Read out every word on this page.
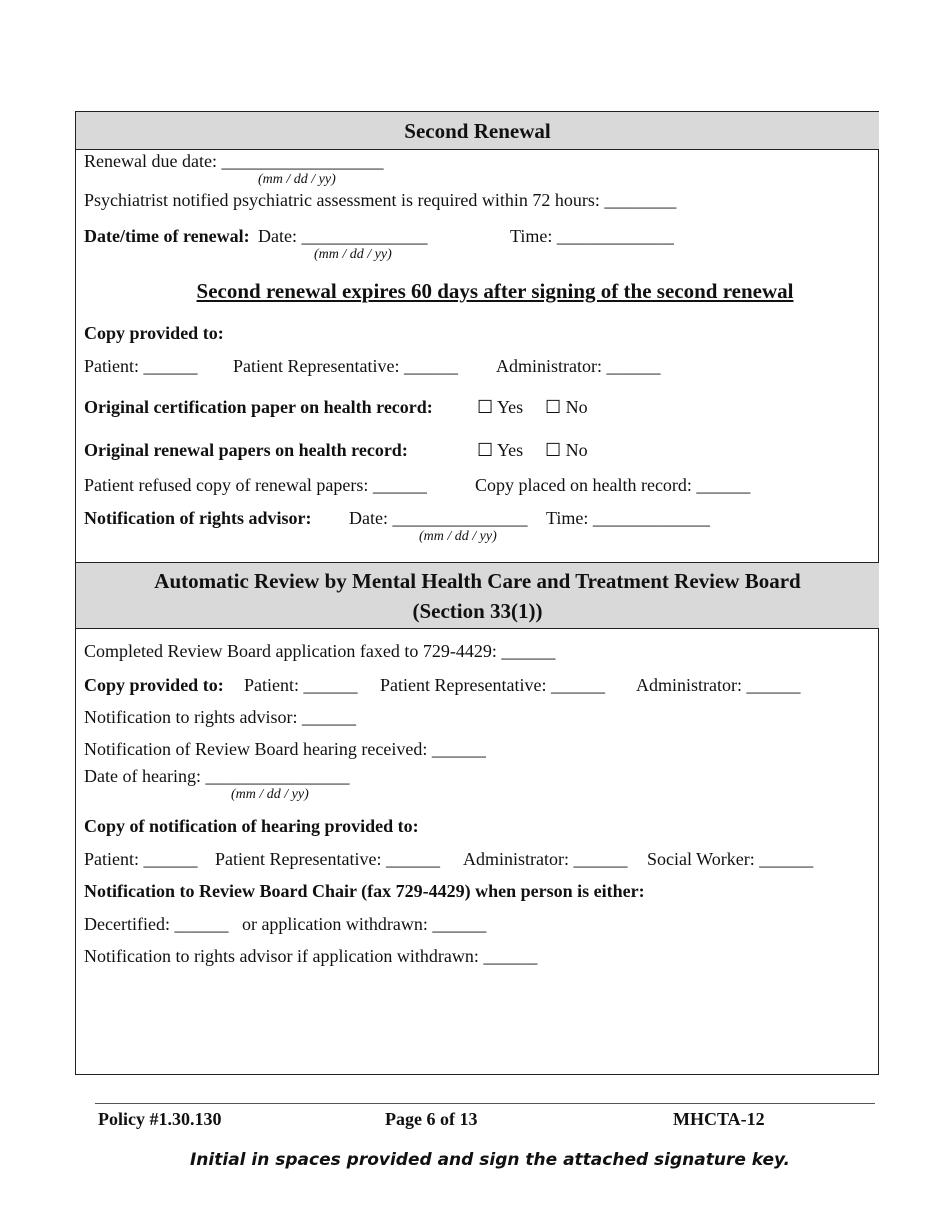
Second Renewal
Renewal due date: __________________
(mm / dd / yy)
Psychiatrist notified psychiatric assessment is required within 72 hours: ________
Date/time of renewal: Date: ______________
(mm / dd / yy)
Time: _____________
Second renewal expires 60 days after signing of the second renewal
Copy provided to:
Patient: ______ Patient Representative: ______ Administrator: ______
Original certification paper on health record: ☐ Yes ☐ No
Original renewal papers on health record:	☐ Yes ☐ No
Patient refused copy of renewal papers: ______	Copy placed on health record: ______
Notification of rights advisor: Date: _______________
(mm / dd / yy)
Time: _____________
Automatic Review by Mental Health Care and Treatment Review Board
(Section 33(1))
Completed Review Board application faxed to 729-4429: ______
Copy provided to: Patient: ______ Patient Representative: ______ Administrator: ______
Notification to rights advisor: ______
Notification of Review Board hearing received: ______
Date of hearing: ________________
(mm / dd / yy)
Copy of notification of hearing provided to:
Patient: ______ Patient Representative: ______ Administrator: ______ Social Worker: ______
Notification to Review Board Chair (fax 729-4429) when person is either:
Decertified: ______   or application withdrawn: ______
Notification to rights advisor if application withdrawn: ______
Policy #1.30.130	Page 6 of 13	MHCTA-12
Initial in spaces provided and sign the attached signature key.
